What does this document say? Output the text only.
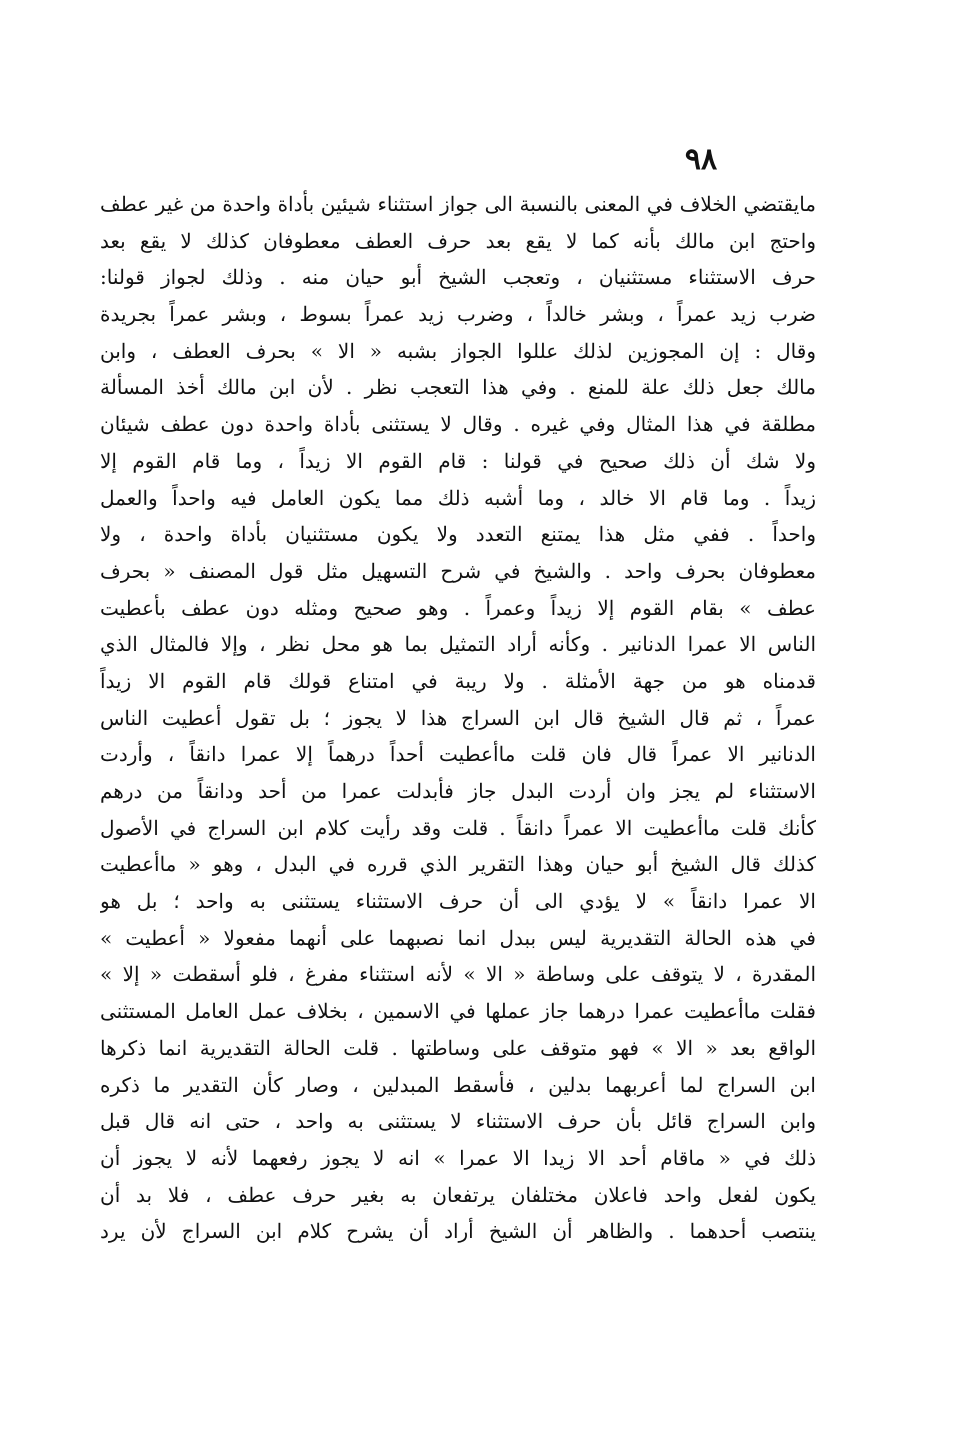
٩٨
مايقتضي الخلاف في المعنى بالنسبة الى جواز استثناء شيئين بأداة واحدة من غير عطف
واحتج ابن مالك بأنه كما لا يقع بعد حرف العطف معطوفان كذلك لا يقع بعد
حرف الاستثناء مستثنيان ، وتعجب الشيخ أبو حيان منه . وذلك لجواز قولنا:
ضرب زيد عمراً ، وبشر خالداً ، وضرب زيد عمراً بسوط ، وبشر عمراً بجريدة
وقال : إن المجوزين لذلك عللوا الجواز بشبه « الا » بحرف العطف ، وابن
مالك جعل ذلك علة للمنع . وفي هذا التعجب نظر . لأن ابن مالك أخذ المسألة
مطلقة في هذا المثال وفي غيره . وقال لا يستثنى بأداة واحدة دون عطف شيئان
ولا شك أن ذلك صحيح في قولنا : قام القوم الا زيداً ، وما قام القوم إلا
زيداً . وما قام الا خالد ، وما أشبه ذلك مما يكون العامل فيه واحداً والعمل
واحداً . ففي مثل هذا يمتنع التعدد ولا يكون مستثنيان بأداة واحدة ، ولا
معطوفان بحرف واحد . والشيخ في شرح التسهيل مثل قول المصنف « بحرف
عطف » بقام القوم إلا زيداً وعمراً . وهو صحيح ومثله دون عطف بأعطيت
الناس الا عمرا الدنانير . وكأنه أراد التمثيل بما هو محل نظر ، وإلا فالمثال الذي
قدمناه هو من جهة الأمثلة . ولا ريبة في امتناع قولك قام القوم الا زيداً
عمراً ، ثم قال الشيخ قال ابن السراج هذا لا يجوز ؛ بل تقول أعطيت الناس
الدنانير الا عمراً قال فان قلت ماأعطيت أحداً درهماً إلا عمرا دانقاً ، وأردت
الاستثناء لم يجز وان أردت البدل جاز فأبدلت عمرا من أحد ودانقاً من درهم
كأنك قلت ماأعطيت الا عمراً دانقاً . قلت وقد رأيت كلام ابن السراج في الأصول
كذلك قال الشيخ أبو حيان وهذا التقرير الذي قرره في البدل ، وهو « ماأعطيت
الا عمرا دانقاً » لا يؤدي الى أن حرف الاستثناء يستثنى به واحد ؛ بل هو
في هذه الحالة التقديرية ليس ببدل انما نصبهما على أنهما مفعولا « أعطيت »
المقدرة ، لا يتوقف على وساطة « الا » لأنه استثناء مفرغ ، فلو أسقطت « إلا »
فقلت ماأعطيت عمرا درهما جاز عملها في الاسمين ، بخلاف عمل العامل المستثنى
الواقع بعد « الا » فهو متوقف على وساطتها . قلت الحالة التقديرية انما ذكرها
ابن السراج لما أعربهما بدلين ، فأسقط المبدلين ، وصار كأن التقدير ما ذكره
وابن السراج قائل بأن حرف الاستثناء لا يستثنى به واحد ، حتى انه قال قبل
ذلك في « ماقام أحد الا زيدا الا عمرا » انه لا يجوز رفعهما لأنه لا يجوز أن
يكون لفعل واحد فاعلان مختلفان يرتفعان به بغير حرف عطف ، فلا بد أن
ينتصب أحدهما . والظاهر أن الشيخ أراد أن يشرح كلام ابن السراج لأن يرد
